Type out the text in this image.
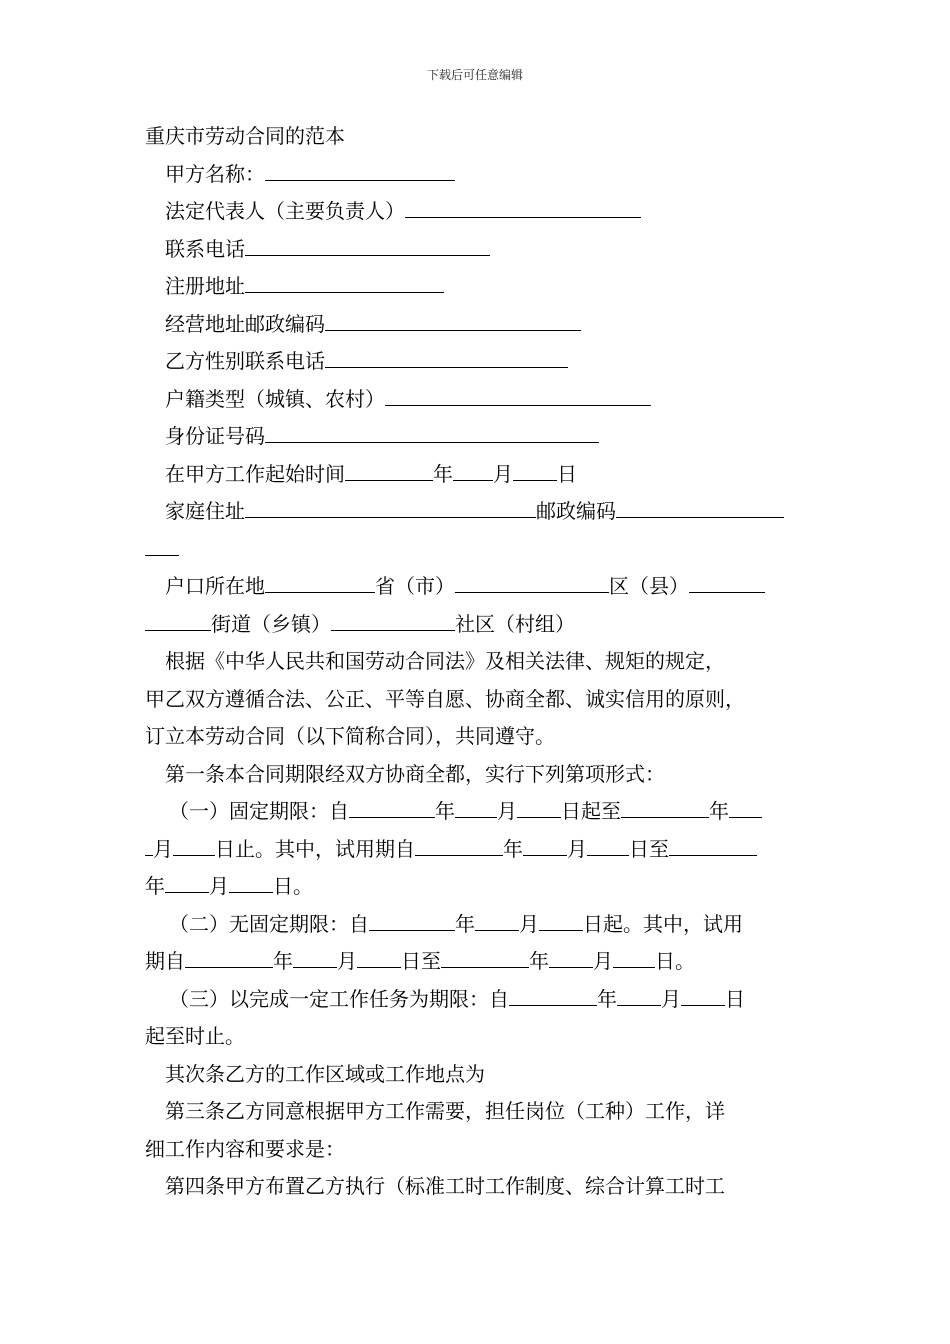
下载后可任意编辑
重庆市劳动合同的范本
甲方名称：
法定代表人（主要负责人）
联系电话
注册地址
经营地址邮政编码
乙方性别联系电话
户籍类型（城镇、农村）
身份证号码
在甲方工作起始时间	年 月 日
家庭住址	邮政编码
户口所在地	省（市）	区（县）
街道（乡镇）	社区（村组）
根据《中华人民共和国劳动合同法》及相关法律、规矩的规定，
甲乙双方遵循合法、公正、平等自愿、协商全都、诚实信用的原则，
订立本劳动合同（以下简称合同），共同遵守。
第一条本合同期限经双方协商全都，实行下列第项形式：
（一）固定期限：自	年 月 日起至	年
月 日止。其中，试用期自	年 月 日至
年 月 日。
（二）无固定期限：自	年 月 日起。其中，试用
期自	年 月 日至	年 月 日。
（三）以完成一定工作任务为期限：自	年 月 日
起至时止。
其次条乙方的工作区域或工作地点为
第三条乙方同意根据甲方工作需要，担任岗位（工种）工作，详
细工作内容和要求是：
第四条甲方布置乙方执行（标准工时工作制度、综合计算工时工
